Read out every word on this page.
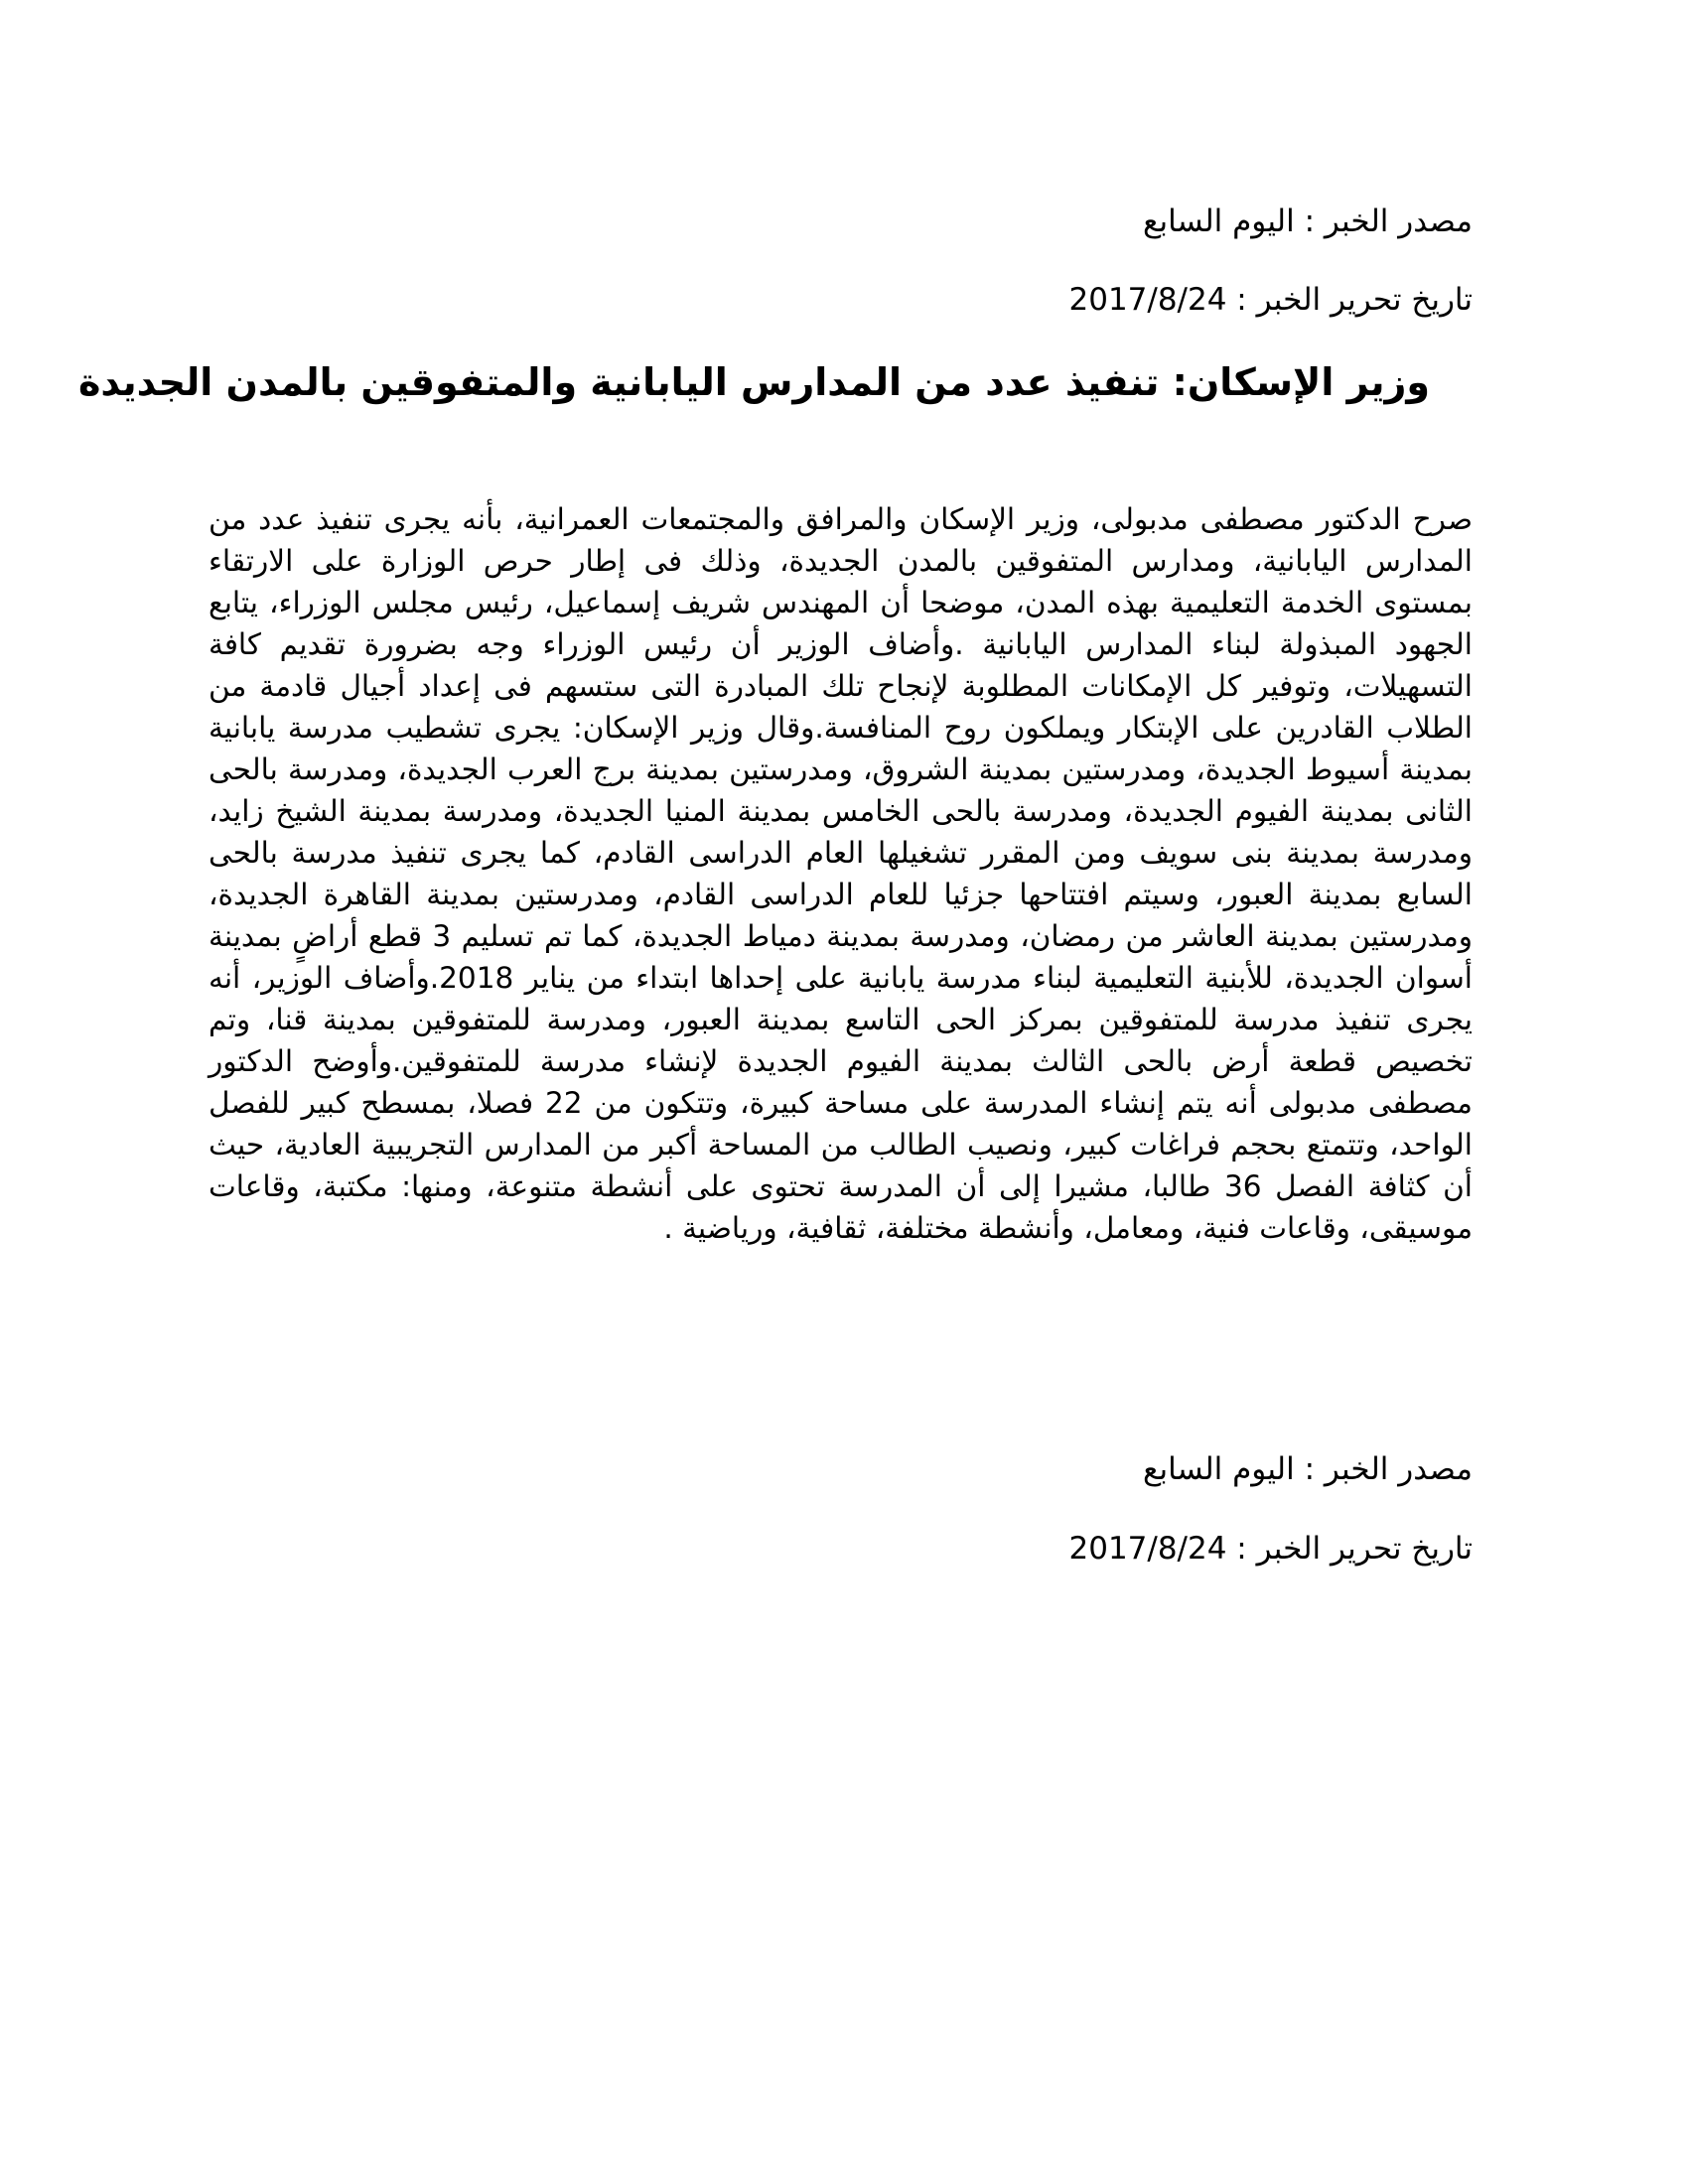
مصدر الخبر : اليوم السابع
تاريخ تحرير الخبر : 2017/8/24
وزير الإسكان: تنفيذ عدد من المدارس اليابانية والمتفوقين بالمدن الجديدة
صرح الدكتور مصطفى مدبولى، وزير الإسكان والمرافق والمجتمعات العمرانية، بأنه يجرى تنفيذ عدد من المدارس اليابانية، ومدارس المتفوقين بالمدن الجديدة، وذلك فى إطار حرص الوزارة على الارتقاء بمستوى الخدمة التعليمية بهذه المدن، موضحا أن المهندس شريف إسماعيل، رئيس مجلس الوزراء، يتابع الجهود المبذولة لبناء المدارس اليابانية .وأضاف الوزير أن رئيس الوزراء وجه بضرورة تقديم كافة التسهيلات، وتوفير كل الإمكانات المطلوبة لإنجاح تلك المبادرة التى ستسهم فى إعداد أجيال قادمة من الطلاب القادرين على الإبتكار ويملكون روح المنافسة.وقال وزير الإسكان: يجرى تشطيب مدرسة يابانية بمدينة أسيوط الجديدة، ومدرستين بمدينة الشروق، ومدرستين بمدينة برج العرب الجديدة، ومدرسة بالحى الثانى بمدينة الفيوم الجديدة، ومدرسة بالحى الخامس بمدينة المنيا الجديدة، ومدرسة بمدينة الشيخ زايد، ومدرسة بمدينة بنى سويف ومن المقرر تشغيلها العام الدراسى القادم، كما يجرى تنفيذ مدرسة بالحى السابع بمدينة العبور، وسيتم افتتاحها جزئيا للعام الدراسى القادم، ومدرستين بمدينة القاهرة الجديدة، ومدرستين بمدينة العاشر من رمضان، ومدرسة بمدينة دمياط الجديدة، كما تم تسليم 3 قطع أراضٍ بمدينة أسوان الجديدة، للأبنية التعليمية لبناء مدرسة يابانية على إحداها ابتداء من يناير 2018.وأضاف الوزير، أنه يجرى تنفيذ مدرسة للمتفوقين بمركز الحى التاسع بمدينة العبور، ومدرسة للمتفوقين بمدينة قنا، وتم تخصيص قطعة أرض بالحى الثالث بمدينة الفيوم الجديدة لإنشاء مدرسة للمتفوقين.وأوضح الدكتور مصطفى مدبولى أنه يتم إنشاء المدرسة على مساحة كبيرة، وتتكون من 22 فصلا، بمسطح كبير للفصل الواحد، وتتمتع بحجم فراغات كبير، ونصيب الطالب من المساحة أكبر من المدارس التجريبية العادية، حيث أن كثافة الفصل 36 طالبا، مشيرا إلى أن المدرسة تحتوى على أنشطة متنوعة، ومنها: مكتبة، وقاعات موسيقى، وقاعات فنية، ومعامل، وأنشطة مختلفة، ثقافية، ورياضية .
مصدر الخبر : اليوم السابع
تاريخ تحرير الخبر : 2017/8/24
